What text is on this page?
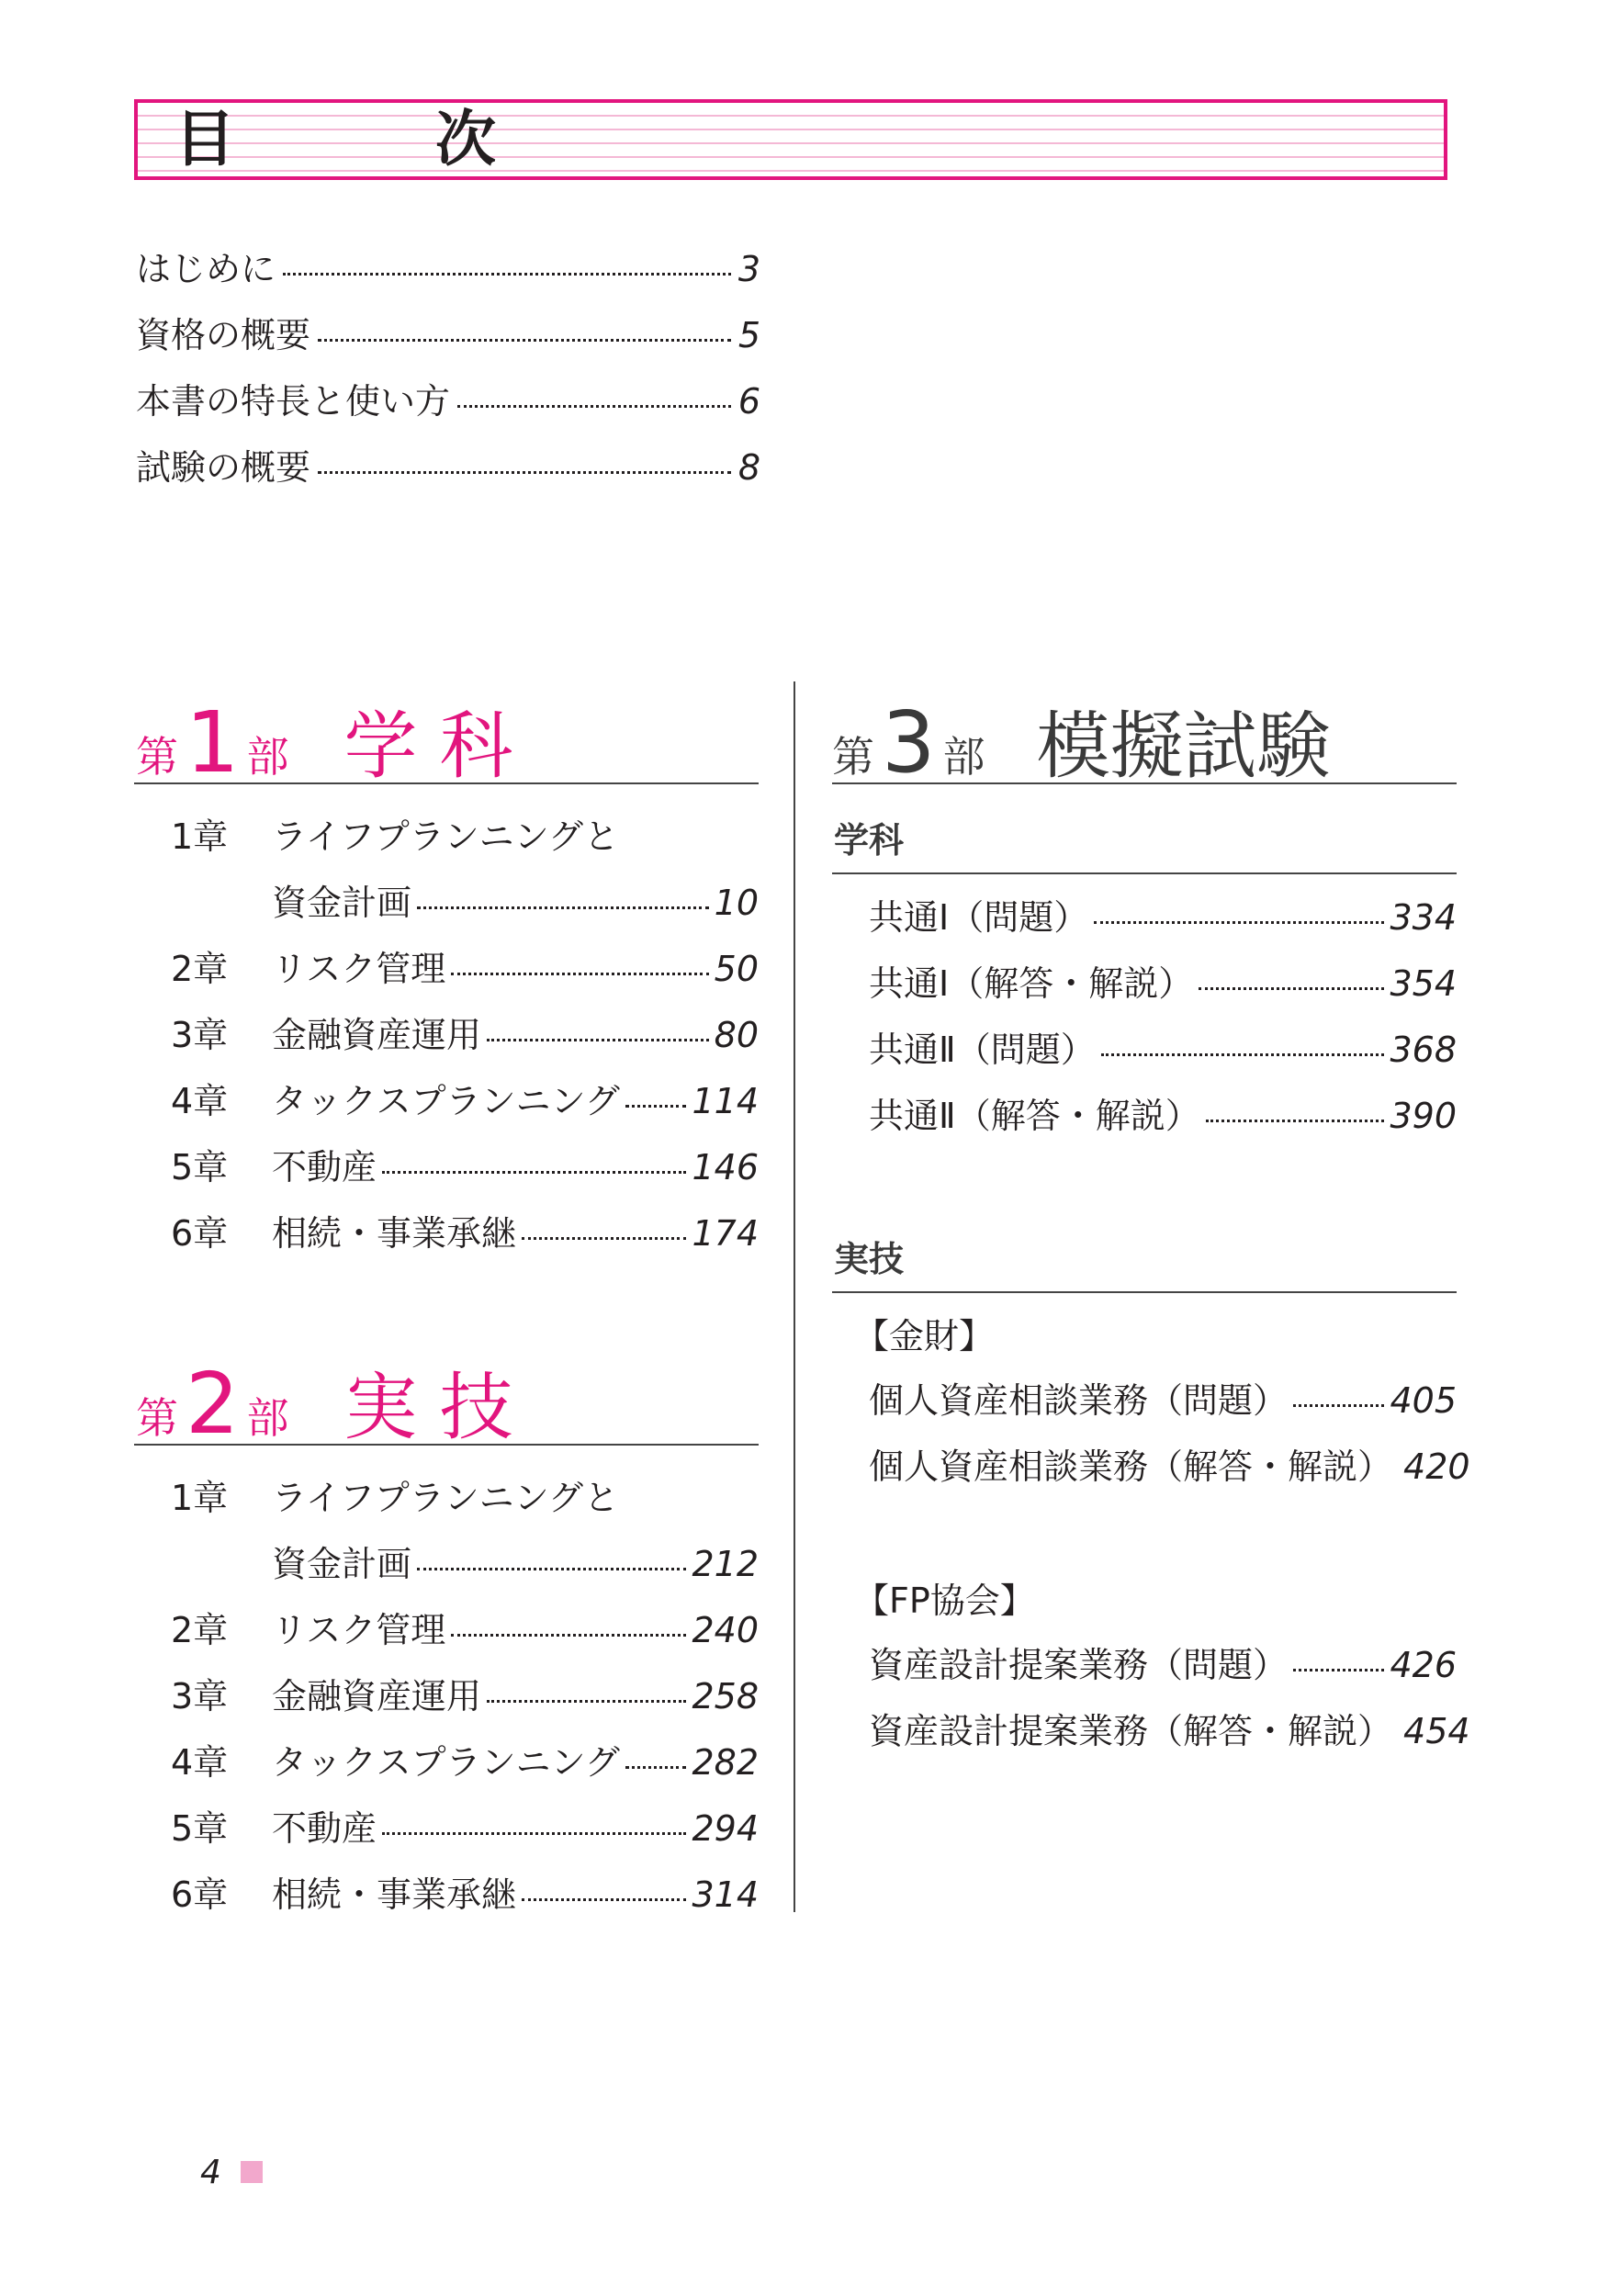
目　次
はじめに	3
資格の概要	5
本書の特長と使い方	6
試験の概要	8
第 1 部 学科
1章	ライフプランニングと
資金計画	10
2章	リスク管理	50
3章	金融資産運用	80
4章	タックスプランニング 114
5章	不動産	146
6章	相続・事業承継	174
第 2 部 実技
1章	ライフプランニングと
資金計画	212
2章	リスク管理	240
3章	金融資産運用	258
4章	タックスプランニング 282
5章	不動産	294
6章	相続・事業承継	314
第 3 部 模擬試験
学科
共通Ⅰ（問題）	334
共通Ⅰ（解答・解説）	354
共通Ⅱ（問題）	368
共通Ⅱ（解答・解説）	390
実技
【金財】
個人資産相談業務（問題）	405
個人資産相談業務（解答・解説） 420
【FP協会】
資産設計提案業務（問題）	426
資産設計提案業務（解答・解説） 454
4
